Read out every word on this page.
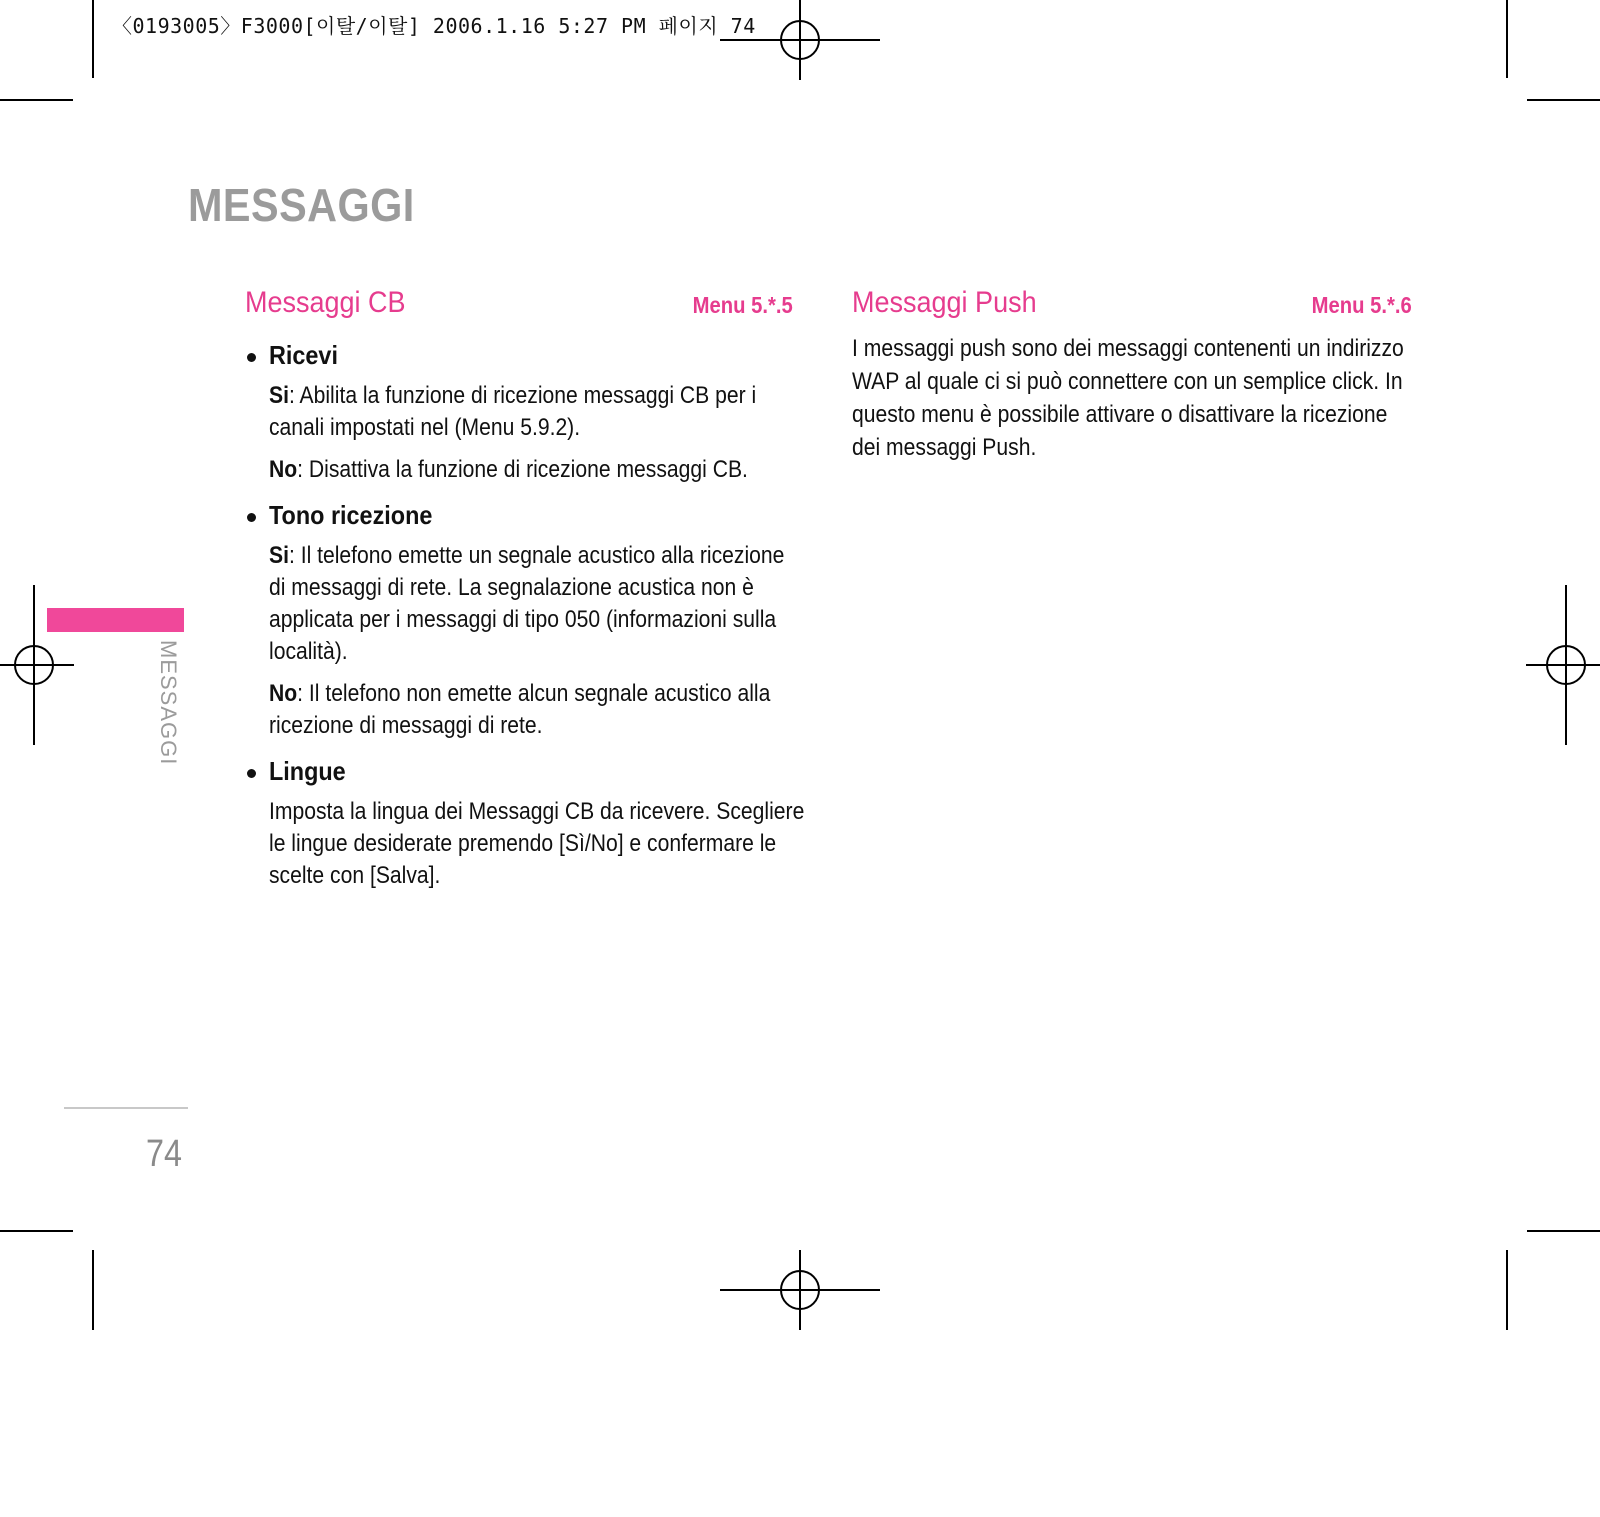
〈0193005〉F3000[이탈/이탈] 2006.1.16 5:27 PM 페이지 74
MESSAGGI
MESSAGGI
74
Messaggi CB	Menu 5.*.5
Ricevi
Si: Abilita la funzione di ricezione messaggi CB per i canali impostati nel (Menu 5.9.2).
No: Disattiva la funzione di ricezione messaggi CB.
Tono ricezione
Si: Il telefono emette un segnale acustico alla ricezione di messaggi di rete. La segnalazione acustica non è applicata per i messaggi di tipo 050 (informazioni sulla località).
No: Il telefono non emette alcun segnale acustico alla ricezione di messaggi di rete.
Lingue
Imposta la lingua dei Messaggi CB da ricevere. Scegliere le lingue desiderate premendo [Sì/No] e confermare le scelte con [Salva].
Messaggi Push	Menu 5.*.6
I messaggi push sono dei messaggi contenenti un indirizzo WAP al quale ci si può connettere con un semplice click. In questo menu è possibile attivare o disattivare la ricezione dei messaggi Push.
